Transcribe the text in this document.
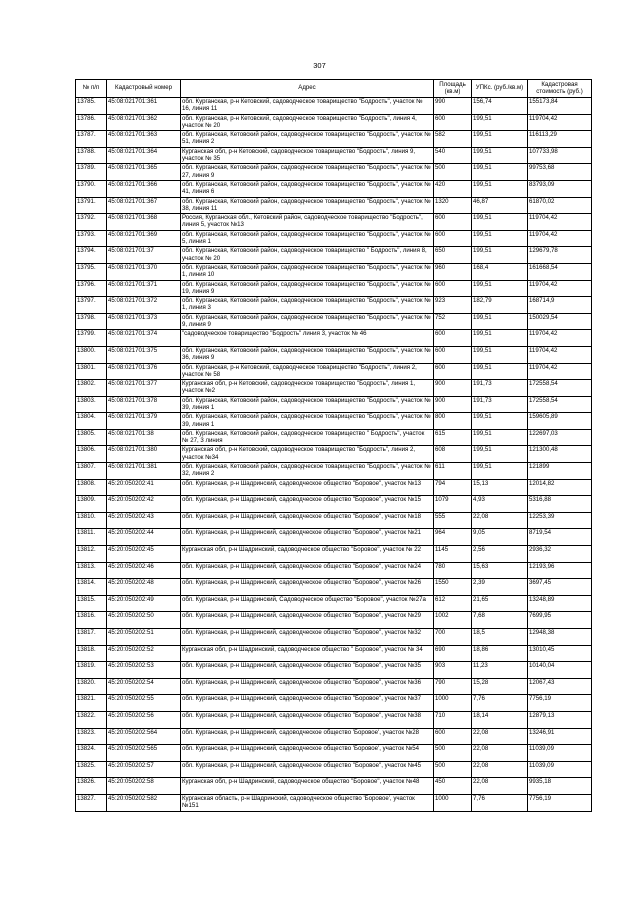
307
№ п/п	Кадастровый номер	Адрес	Площадь (кв.м)	УПКс. (руб./кв.м)	Кадастровая стоимость (руб.)
13785.	45:08:021701:361	обл. Курганская, р-н Кетовский, садоводческое товарищество "Бодрость", участок № 16, линия 11	990	156,74	155173,84
13786.	45:08:021701:362	обл. Курганская, р-н Кетовский, садоводческое товарищество "Бодрость", линия 4, участок № 20	600	199,51	119704,42
13787.	45:08:021701:363	обл. Курганская, Кетовский район, садоводческое товарищество "Бодрость", участок № 51, линия 2	582	199,51	116113,29
13788.	45:08:021701:364	Курганская обл, р-н Кетовский, садоводческое товарищество "Бодрость", линия 9, участок № 35	540	199,51	107733,98
13789.	45:08:021701:365	обл. Курганская, Кетовский район, садоводческое товарищество "Бодрость", участок № 27, линия 9	500	199,51	99753,68
13790.	45:08:021701:366	обл. Курганская, Кетовский район, садоводческое товарищество "Бодрость", участок № 41, линия 6	420	199,51	83793,09
13791.	45:08:021701:367	обл. Курганская, Кетовский район, садоводческое товарищество "Бодрость", участок № 38, линия 11	1320	46,87	61870,02
13792.	45:08:021701:368	Россия, Курганская обл., Кетовский район, садоводческое товарищество "Бодрость", линия 5, участок №13	600	199,51	119704,42
13793.	45:08:021701:369	обл. Курганская, Кетовский район, садоводческое товарищество "Бодрость", участок № 5, линия 1	600	199,51	119704,42
13794.	45:08:021701:37	обл. Курганская, Кетовский район, садоводческое товарищество " Бодрость", линия 8, участок № 20	650	199,51	129679,78
13795.	45:08:021701:370	обл. Курганская, Кетовский район, садоводческое товарищество "Бодрость", участок № 1, линия 10	960	168,4	161668,54
13796.	45:08:021701:371	обл. Курганская, Кетовский район, садоводческое товарищество "Бодрость", участок № 19, линия 9	600	199,51	119704,42
13797.	45:08:021701:372	обл. Курганская, Кетовский район, садоводческое товарищество "Бодрость", участок № 1, линия 3	923	182,79	168714,9
13798.	45:08:021701:373	обл. Курганская, Кетовский район, садоводческое товарищество "Бодрость", участок № 9, линия 9	752	199,51	150029,54
13799.	45:08:021701:374	"садоводческое товарищество "Бодрость" линия 3, участок № 46	600	199,51	119704,42
13800.	45:08:021701:375	обл. Курганская, Кетовский район, садоводческое товарищество "Бодрость", участок № 36, линия 9	600	199,51	119704,42
13801.	45:08:021701:376	обл. Курганская, р-н Кетовский, садоводческое товарищество "Бодрость", линия 2, участок № 58	600	199,51	119704,42
13802.	45:08:021701:377	Курганская обл, р-н Кетовский, садоводческое товарищество "Бодрость", линия 1, участок №2	900	191,73	172558,54
13803.	45:08:021701:378	обл. Курганская, Кетовский район, садоводческое товарищество "Бодрость", участок № 39, линия 1	900	191,73	172558,54
13804.	45:08:021701:379	обл. Курганская, Кетовский район, садоводческое товарищество "Бодрость", участок № 39, линия 1	800	199,51	159605,89
13805.	45:08:021701:38	обл. Курганская, Кетовский район, садоводческое товарищество " Бодрость", участок № 27, 3 линия	615	199,51	122697,03
13806.	45:08:021701:380	Курганская обл, р-н Кетовский, садоводческое товарищество "Бодрость", линия 2, участок №34	608	199,51	121300,48
13807.	45:08:021701:381	обл. Курганская, Кетовский район, садоводческое товарищество "Бодрость", участок № 32, линия 2	611	199,51	121899
13808.	45:20:050202:41	обл. Курганская, р-н Шадринский, садоводческое общество "Боровое", участок №13	794	15,13	12014,82
13809.	45:20:050202:42	обл. Курганская, р-н Шадринский, садоводческое общество "Боровое", участок №15	1079	4,93	5316,88
13810.	45:20:050202:43	обл. Курганская, р-н Шадринский, садоводческое общество "Боровое", участок №18	555	22,08	12253,39
13811.	45:20:050202:44	обл. Курганская, р-н Шадринский, садоводческое общество "Боровое", участок №21	964	9,05	8719,54
13812.	45:20:050202:45	Курганская обл, р-н Шадринский, садоводческое общество "Боровое", участок № 22	1145	2,56	2936,32
13813.	45:20:050202:46	обл. Курганская, р-н Шадринский, садоводческое общество "Боровое", участок №24	780	15,63	12193,96
13814.	45:20:050202:48	обл. Курганская, р-н Шадринский, садоводческое общество "Боровое", участок №26	1550	2,39	3697,45
13815.	45:20:050202:49	обл. Курганская, р-н Шадринский, Садоводческое общество "Боровое", участок №27а	612	21,65	13248,89
13816.	45:20:050202:50	обл. Курганская, р-н Шадринский, садоводческое общество "Боровое", участок №29	1002	7,68	7699,95
13817.	45:20:050202:51	обл. Курганская, р-н Шадринский, садоводческое общество "Боровое", участок №32	700	18,5	12948,38
13818.	45:20:050202:52	Курганская обл, р-н Шадринский, садоводческое общество " Боровое", участок № 34	690	18,86	13010,45
13819.	45:20:050202:53	обл. Курганская, р-н Шадринский, садоводческое общество "Боровое", участок №35	903	11,23	10140,04
13820.	45:20:050202:54	обл. Курганская, р-н Шадринский, садоводческое общество "Боровое", участок №36	790	15,28	12067,43
13821.	45:20:050202:55	обл. Курганская, р-н Шадринский, садоводческое общество "Боровое", участок №37	1000	7,76	7756,19
13822.	45:20:050202:56	обл. Курганская, р-н Шадринский, садоводческое общество "Боровое", участок №38	710	18,14	12879,13
13823.	45:20:050202:564	обл. Курганская, р-н Шадринский, садоводческое общество 'Боровое', участок №28	600	22,08	13246,91
13824.	45:20:050202:565	обл. Курганская, р-н Шадринский, садоводческое общество 'Боровое', участок №54	500	22,08	11039,09
13825.	45:20:050202:57	обл. Курганская, р-н Шадринский, садоводческое общество "Боровое", участок №45	500	22,08	11039,09
13826.	45:20:050202:58	Курганская обл, р-н Шадринский, садоводческое общество "Боровое", участок №48	450	22,08	9935,18
13827.	45:20:050202:582	Курганская область, р-н Шадринский, садоводческое общество 'Боровое', участок №151	1000	7,76	7756,19
